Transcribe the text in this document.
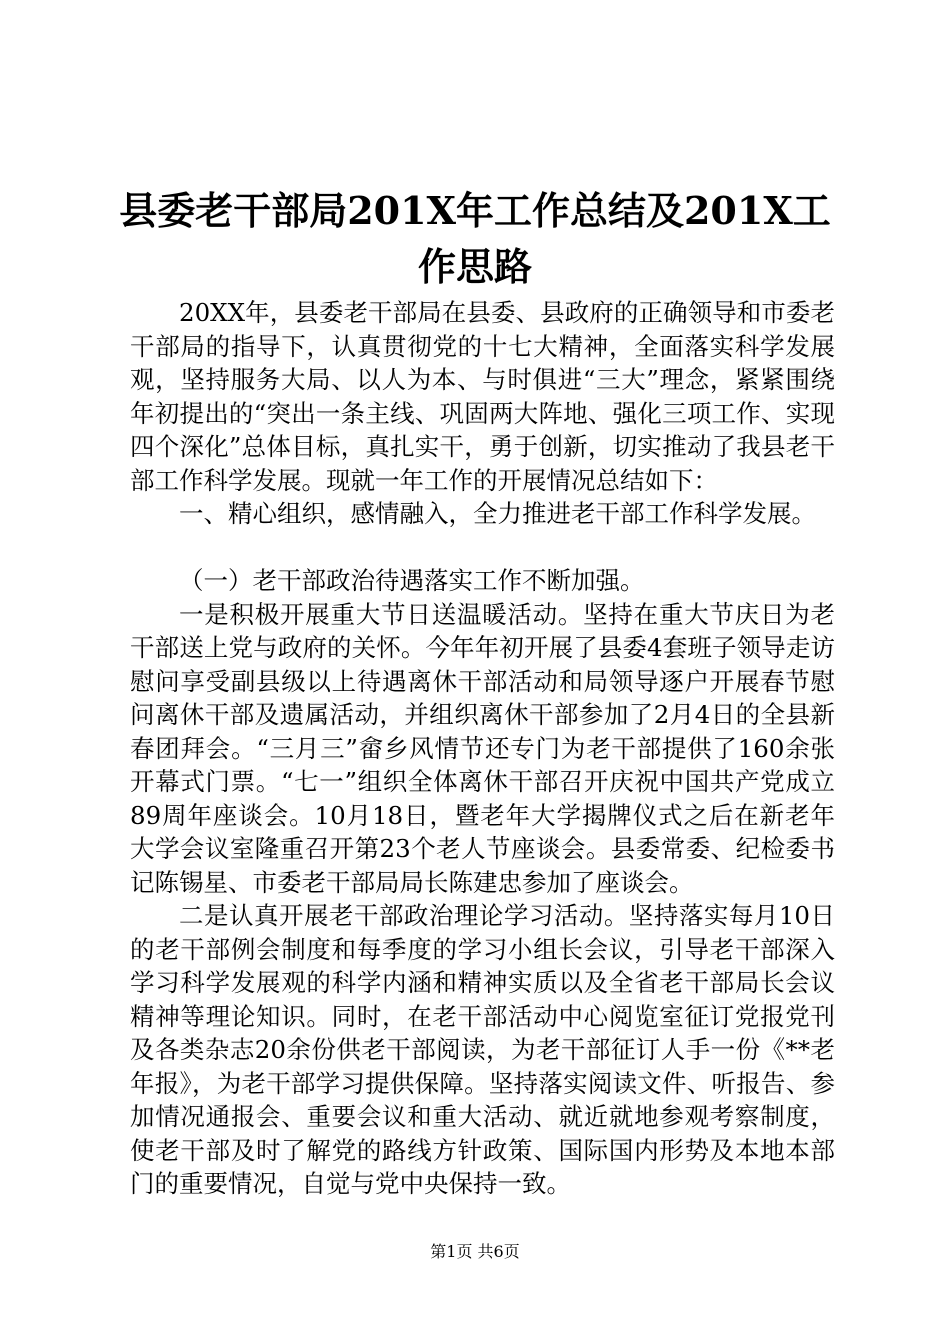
县委老干部局201X年工作总结及201X工作思路

20XX年，县委老干部局在县委、县政府的正确领导和市委老干部局的指导下，认真贯彻党的十七大精神，全面落实科学发展观，坚持服务大局、以人为本、与时俱进“三大”理念，紧紧围绕年初提出的“突出一条主线、巩固两大阵地、强化三项工作、实现四个深化”总体目标，真扎实干，勇于创新，切实推动了我县老干部工作科学发展。现就一年工作的开展情况总结如下：

一、精心组织，感情融入，全力推进老干部工作科学发展。

（一）老干部政治待遇落实工作不断加强。

一是积极开展重大节日送温暖活动。坚持在重大节庆日为老干部送上党与政府的关怀。今年年初开展了县委4套班子领导走访慰问享受副县级以上待遇离休干部活动和局领导逐户开展春节慰问离休干部及遗属活动，并组织离休干部参加了2月4日的全县新春团拜会。“三月三”畲乡风情节还专门为老干部提供了160余张开幕式门票。“七一”组织全体离休干部召开庆祝中国共产党成立89周年座谈会。10月18日，暨老年大学揭牌仪式之后在新老年大学会议室隆重召开第23个老人节座谈会。县委常委、纪检委书记陈锡星、市委老干部局局长陈建忠参加了座谈会。

二是认真开展老干部政治理论学习活动。坚持落实每月10日的老干部例会制度和每季度的学习小组长会议，引导老干部深入学习科学发展观的科学内涵和精神实质以及全省老干部局长会议精神等理论知识。同时，在老干部活动中心阅览室征订党报党刊及各类杂志20余份供老干部阅读，为老干部征订人手一份《**老年报》，为老干部学习提供保障。坚持落实阅读文件、听报告、参加情况通报会、重要会议和重大活动、就近就地参观考察制度，使老干部及时了解党的路线方针政策、国际国内形势及本地本部门的重要情况，自觉与党中央保持一致。

第1页 共6页
